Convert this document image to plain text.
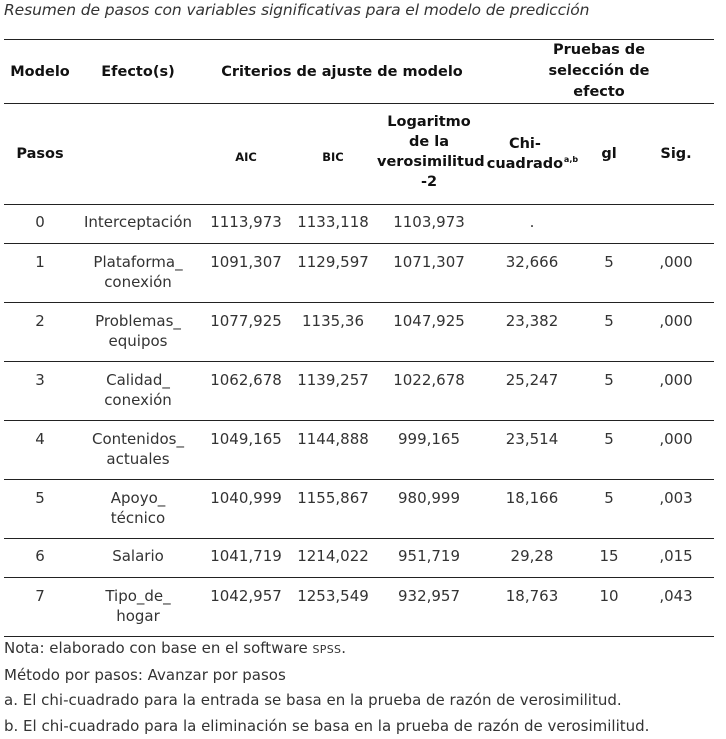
Resumen de pasos con variables significativas para el modelo de predicción
Modelo	Efecto(s)	Criterios de ajuste de modelo			Pruebas de selección de efecto		
Pasos		AIC	BIC	Logaritmo de la verosimilitud -2	Chi-cuadrado$^{a,b}$	gl	Sig.
0	Interceptación	1113,973	1133,118	1103,973	.		
1	Plataforma_ conexión	1091,307	1129,597	1071,307	32,666	5	,000
2	Problemas_ equipos	1077,925	1135,36	1047,925	23,382	5	,000
3	Calidad_ conexión	1062,678	1139,257	1022,678	25,247	5	,000
4	Contenidos_ actuales	1049,165	1144,888	999,165	23,514	5	,000
5	Apoyo_ técnico	1040,999	1155,867	980,999	18,166	5	,003
6	Salario	1041,719	1214,022	951,719	29,28	15	,015
7	Tipo_de_ hogar	1042,957	1253,549	932,957	18,763	10	,043
Nota: elaborado con base en el software SPSS.
Método por pasos: Avanzar por pasos
a. El chi-cuadrado para la entrada se basa en la prueba de razón de verosimilitud.
b. El chi-cuadrado para la eliminación se basa en la prueba de razón de verosimilitud.
